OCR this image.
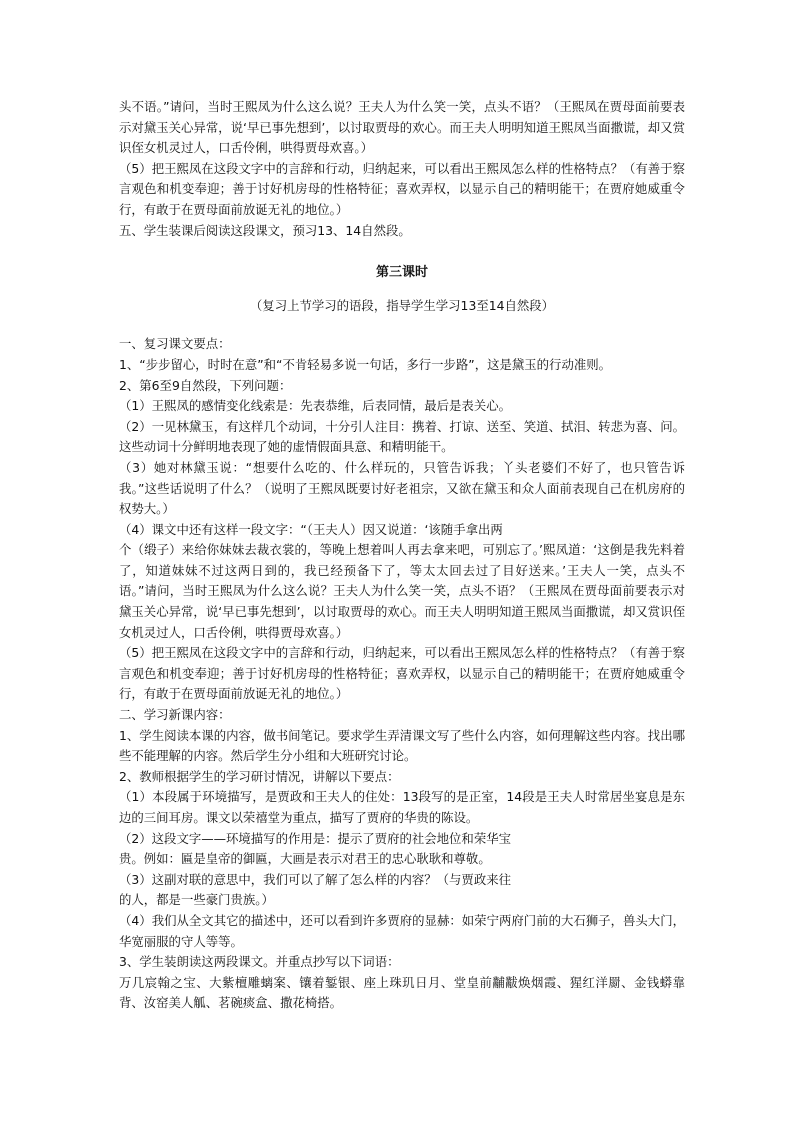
头不语。”请问，当时王熙凤为什么这么说？王夫人为什么笑一笑，点头不语？（王熙凤在贾母面前要表示对黛玉关心异常，说‘早已事先想到’，以讨取贾母的欢心。而王夫人明明知道王熙凤当面撒谎，却又赏识侄女机灵过人，口舌伶俐，哄得贾母欢喜。）

（5）把王熙凤在这段文字中的言辞和行动，归纳起来，可以看出王熙凤怎么样的性格特点？（有善于察言观色和机变奉迎；善于讨好机房母的性格特征；喜欢弄权，以显示自己的精明能干；在贾府她威重令行，有敢于在贾母面前放诞无礼的地位。）

五、学生装课后阅读这段课文，预习13、14自然段。

第三课时

（复习上节学习的语段，指导学生学习13至14自然段）

一、复习课文要点：

1、“步步留心，时时在意”和“不肯轻易多说一句话，多行一步路”，这是黛玉的行动准则。

2、第6至9自然段，下列问题：

（1）王熙凤的感情变化线索是：先表恭维，后表同情，最后是表关心。

（2）一见林黛玉，有这样几个动词，十分引人注目：携着、打谅、送至、笑道、拭泪、转悲为喜、问。这些动词十分鲜明地表现了她的虚情假面具意、和精明能干。

（3）她对林黛玉说：“想要什么吃的、什么样玩的，只管告诉我；丫头老婆们不好了，也只管告诉我。”这些话说明了什么？（说明了王熙凤既要讨好老祖宗，又欲在黛玉和众人面前表现自己在机房府的权势大。）

（4）课文中还有这样一段文字：“（王夫人）因又说道：‘该随手拿出两

个（缎子）来给你妹妹去裁衣裳的，等晚上想着叫人再去拿来吧，可别忘了。’熙凤道：‘这倒是我先料着了，知道妹妹不过这两日到的，我已经预备下了，等太太回去过了目好送来。’王夫人一笑，点头不语。”请问，当时王熙凤为什么这么说？王夫人为什么笑一笑，点头不语？（王熙凤在贾母面前要表示对黛玉关心异常，说‘早已事先想到’，以讨取贾母的欢心。而王夫人明明知道王熙凤当面撒谎，却又赏识侄女机灵过人，口舌伶俐，哄得贾母欢喜。）

（5）把王熙凤在这段文字中的言辞和行动，归纳起来，可以看出王熙凤怎么样的性格特点？（有善于察言观色和机变奉迎；善于讨好机房母的性格特征；喜欢弄权，以显示自己的精明能干；在贾府她威重令行，有敢于在贾母面前放诞无礼的地位。）

二、学习新课内容：

1、学生阅读本课的内容，做书间笔记。要求学生弄清课文写了些什么内容，如何理解这些内容。找出哪些不能理解的内容。然后学生分小组和大班研究讨论。

2、教师根据学生的学习研讨情况，讲解以下要点：

（1）本段属于环境描写，是贾政和王夫人的住处：13段写的是正室，14段是王夫人时常居坐宴息是东边的三间耳房。课文以荣禧堂为重点，描写了贾府的华贵的陈设。

（2）这段文字——环境描写的作用是：提示了贾府的社会地位和荣华宝

贵。例如：匾是皇帝的御匾，大画是表示对君王的忠心耿耿和尊敬。

（3）这副对联的意思中，我们可以了解了怎么样的内容？（与贾政来往

的人，都是一些豪门贵族。）

（4）我们从全文其它的描述中，还可以看到许多贾府的显赫：如荣宁两府门前的大石狮子，兽头大门，华宽丽服的守人等等。

3、学生装朗读这两段课文。并重点抄写以下词语：

万几宸翰之宝、大紫檀雕螭案、镶着錾银、座上珠玑日月、堂皇前黼黻焕烟霞、猩红洋罽、金钱蟒靠背、汝窑美人觚、茗碗痰盒、撒花椅搭。
